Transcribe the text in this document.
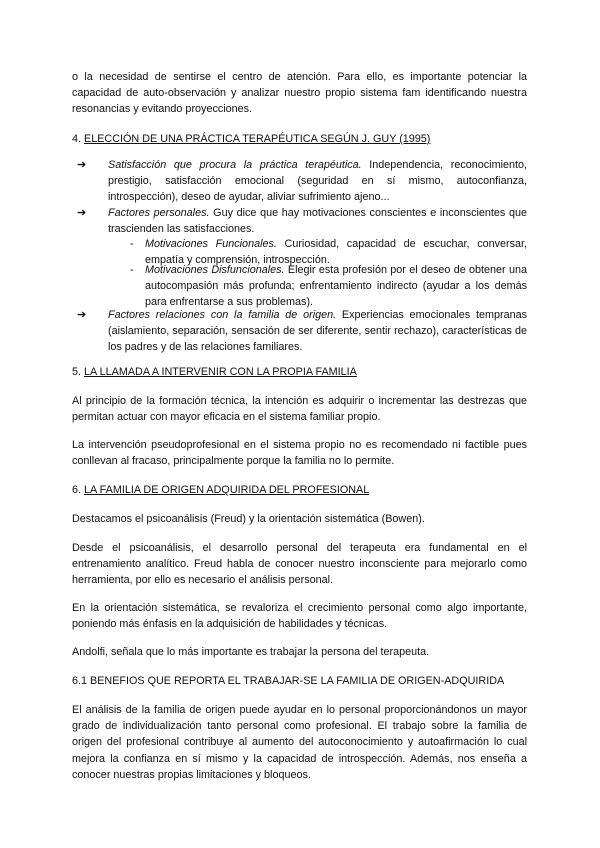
o la necesidad de sentirse el centro de atención. Para ello, es importante potenciar la capacidad de auto-observación y analizar nuestro propio sistema fam identificando nuestra resonancias y evitando proyecciones.

4. ELECCIÓN DE UNA PRÁCTICA TERAPÉUTICA SEGÚN J. GUY (1995)

➔	Satisfacción que procura la práctica terapéutica. Independencia, reconocimiento, prestigio, satisfacción emocional (seguridad en sí mismo, autoconfianza, introspección), deseo de ayudar, aliviar sufrimiento ajeno...

➔	Factores personales. Guy dice que hay motivaciones conscientes e inconscientes que trascienden las satisfacciones.

-	Motivaciones Funcionales. Curiosidad, capacidad de escuchar, conversar, empatía y comprensión, introspección.

-	Motivaciones Disfuncionales. Elegir esta profesión por el deseo de obtener una autocompasión más profunda; enfrentamiento indirecto (ayudar a los demás para enfrentarse a sus problemas).

➔	Factores relaciones con la familia de origen. Experiencias emocionales tempranas (aislamiento, separación, sensación de ser diferente, sentir rechazo), características de los padres y de las relaciones familiares.

5. LA LLAMADA A INTERVENIR CON LA PROPIA FAMILIA

Al principio de la formación técnica, la intención es adquirir o incrementar las destrezas que permitan actuar con mayor eficacia en el sistema familiar propio.

La intervención pseudoprofesional en el sistema propio no es recomendado ni factible pues conllevan al fracaso, principalmente porque la familia no lo permite.

6. LA FAMILIA DE ORIGEN ADQUIRIDA DEL PROFESIONAL

Destacamos el psicoanálisis (Freud) y la orientación sistemática (Bowen).

Desde el psicoanálisis, el desarrollo personal del terapeuta era fundamental en el entrenamiento analítico. Freud habla de conocer nuestro inconsciente para mejorarlo como herramienta, por ello es necesario el análisis personal.

En la orientación sistemática, se revaloriza el crecimiento personal como algo importante, poniendo más énfasis en la adquisición de habilidades y técnicas.

Andolfi, señala que lo más importante es trabajar la persona del terapeuta.

6.1 BENEFIOS QUE REPORTA EL TRABAJAR-SE LA FAMILIA DE ORIGEN-ADQUIRIDA

El análisis de la familia de origen puede ayudar en lo personal proporcionándonos un mayor grado de individualización tanto personal como profesional. El trabajo sobre la familia de origen del profesional contribuye al aumento del autoconocimiento y autoafirmación lo cual mejora la confianza en sí mismo y la capacidad de introspección. Además, nos enseña a conocer nuestras propias limitaciones y bloqueos.
